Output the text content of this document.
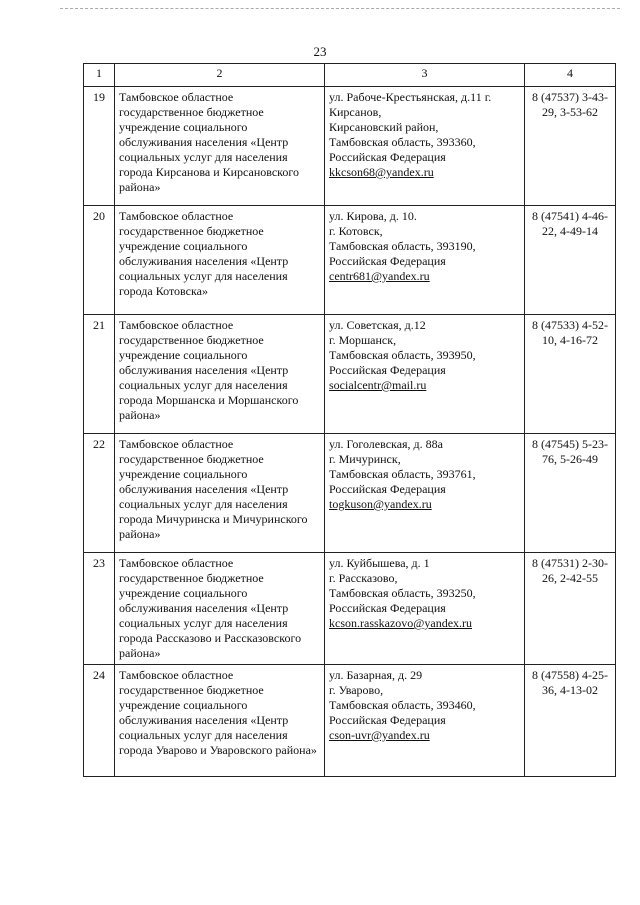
23
1	2	3	4
19	Тамбовское областное государственное бюджетное учреждение социального обслуживания населения «Центр социальных услуг для населения города Кирсанова и Кирсановского района»	ул. Рабоче-Крестьянская, д.11 г. Кирсанов,
Кирсановский район,
Тамбовская область, 393360,
Российская Федерация
kkcson68@yandex.ru	8 (47537) 3-43-29, 3-53-62
20	Тамбовское областное государственное бюджетное учреждение социального обслуживания населения «Центр социальных услуг для населения города Котовска»	ул. Кирова, д. 10.
г. Котовск,
Тамбовская область, 393190,
Российская Федерация
centr681@yandex.ru	8 (47541) 4-46-22, 4-49-14
21	Тамбовское областное государственное бюджетное учреждение социального обслуживания населения «Центр социальных услуг для населения города Моршанска и Моршанского района»	ул. Советская, д.12
г. Моршанск,
Тамбовская область, 393950,
Российская Федерация
socialcentr@mail.ru	8 (47533) 4-52-10, 4-16-72
22	Тамбовское областное государственное бюджетное учреждение социального обслуживания населения «Центр социальных услуг для населения города Мичуринска и Мичуринского района»	ул. Гоголевская, д. 88а
г. Мичуринск,
Тамбовская область, 393761,
Российская Федерация
togkuson@yandex.ru	8 (47545) 5-23-76, 5-26-49
23	Тамбовское областное государственное бюджетное учреждение социального обслуживания населения «Центр социальных услуг для населения города Рассказово и Рассказовского района»	ул. Куйбышева, д. 1
г. Рассказово,
Тамбовская область, 393250,
Российская Федерация
kcson.rasskazovo@yandex.ru	8 (47531) 2-30-26, 2-42-55
24	Тамбовское областное государственное бюджетное учреждение социального обслуживания населения «Центр социальных услуг для населения города Уварово и Уваровского района»	ул. Базарная, д. 29
г. Уварово,
Тамбовская область, 393460,
Российская Федерация
cson-uvr@yandex.ru	8 (47558) 4-25-36, 4-13-02
